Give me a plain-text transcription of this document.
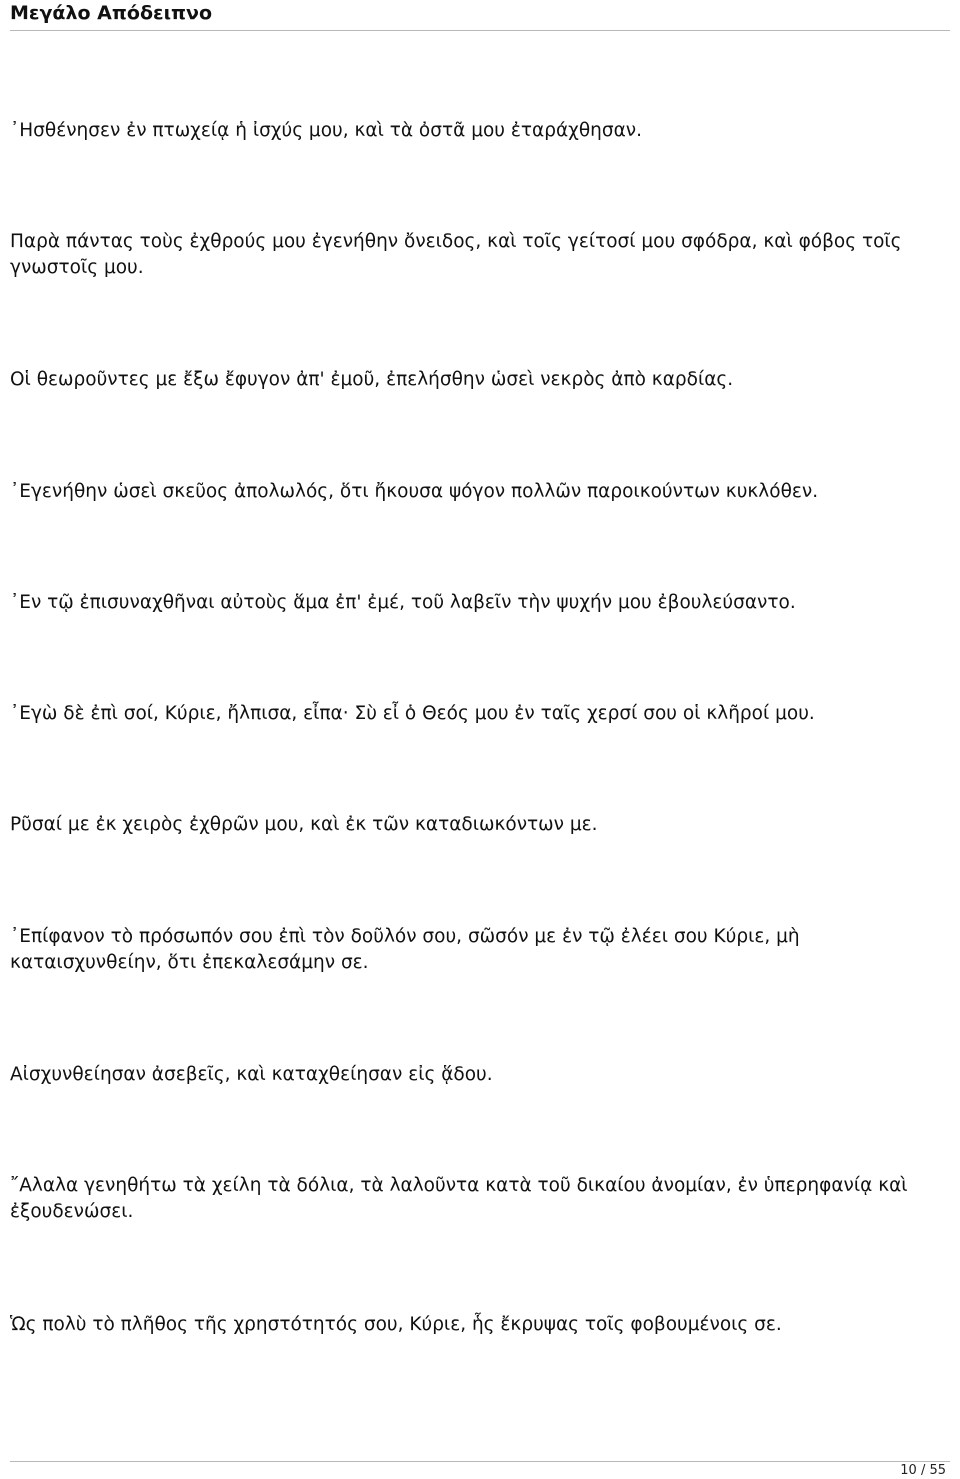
Μεγάλο Απόδειπνο

᾿Ησθένησεν ἐν πτωχείᾳ ἡ ἰσχύς μου, καὶ τὰ ὀστᾶ μου ἐταράχθησαν.

Παρὰ πάντας τοὺς ἐχθρούς μου ἐγενήθην ὄνειδος, καὶ τοῖς γείτοσί μου σφόδρα, καὶ φόβος τοῖς γνωστοῖς μου.

Οἱ θεωροῦντες με ἔξω ἔφυγον ἀπ' ἐμοῦ, ἐπελήσθην ὡσεὶ νεκρὸς ἀπὸ καρδίας.

᾿Εγενήθην ὡσεὶ σκεῦος ἀπολωλός, ὅτι ἤκουσα ψόγον πολλῶν παροικούντων κυκλόθεν.

᾿Εν τῷ ἐπισυναχθῆναι αὐτοὺς ἅμα ἐπ' ἐμέ, τοῦ λαβεῖν τὴν ψυχήν μου ἐβουλεύσαντο.

᾿Εγὼ δὲ ἐπὶ σοί, Κύριε, ἤλπισα, εἶπα· Σὺ εἶ ὁ Θεός μου ἐν ταῖς χερσί σου οἱ κλῆροί μου.

Ρῦσαί με ἐκ χειρὸς ἐχθρῶν μου, καὶ ἐκ τῶν καταδιωκόντων με.

᾿Επίφανον τὸ πρόσωπόν σου ἐπὶ τὸν δοῦλόν σου, σῶσόν με ἐν τῷ ἐλέει σου Κύριε, μὴ καταισχυνθείην, ὅτι ἐπεκαλεσάμην σε.

Αἰσχυνθείησαν ἀσεβεῖς, καὶ καταχθείησαν εἰς ᾅδου.

῎Αλαλα γενηθήτω τὰ χείλη τὰ δόλια, τὰ λαλοῦντα κατὰ τοῦ δικαίου ἀνομίαν, ἐν ὑπερηφανίᾳ καὶ ἐξουδενώσει.

Ὡς πολὺ τὸ πλῆθος τῆς χρηστότητός σου, Κύριε, ἧς ἔκρυψας τοῖς φοβουμένοις σε.

10 / 55
